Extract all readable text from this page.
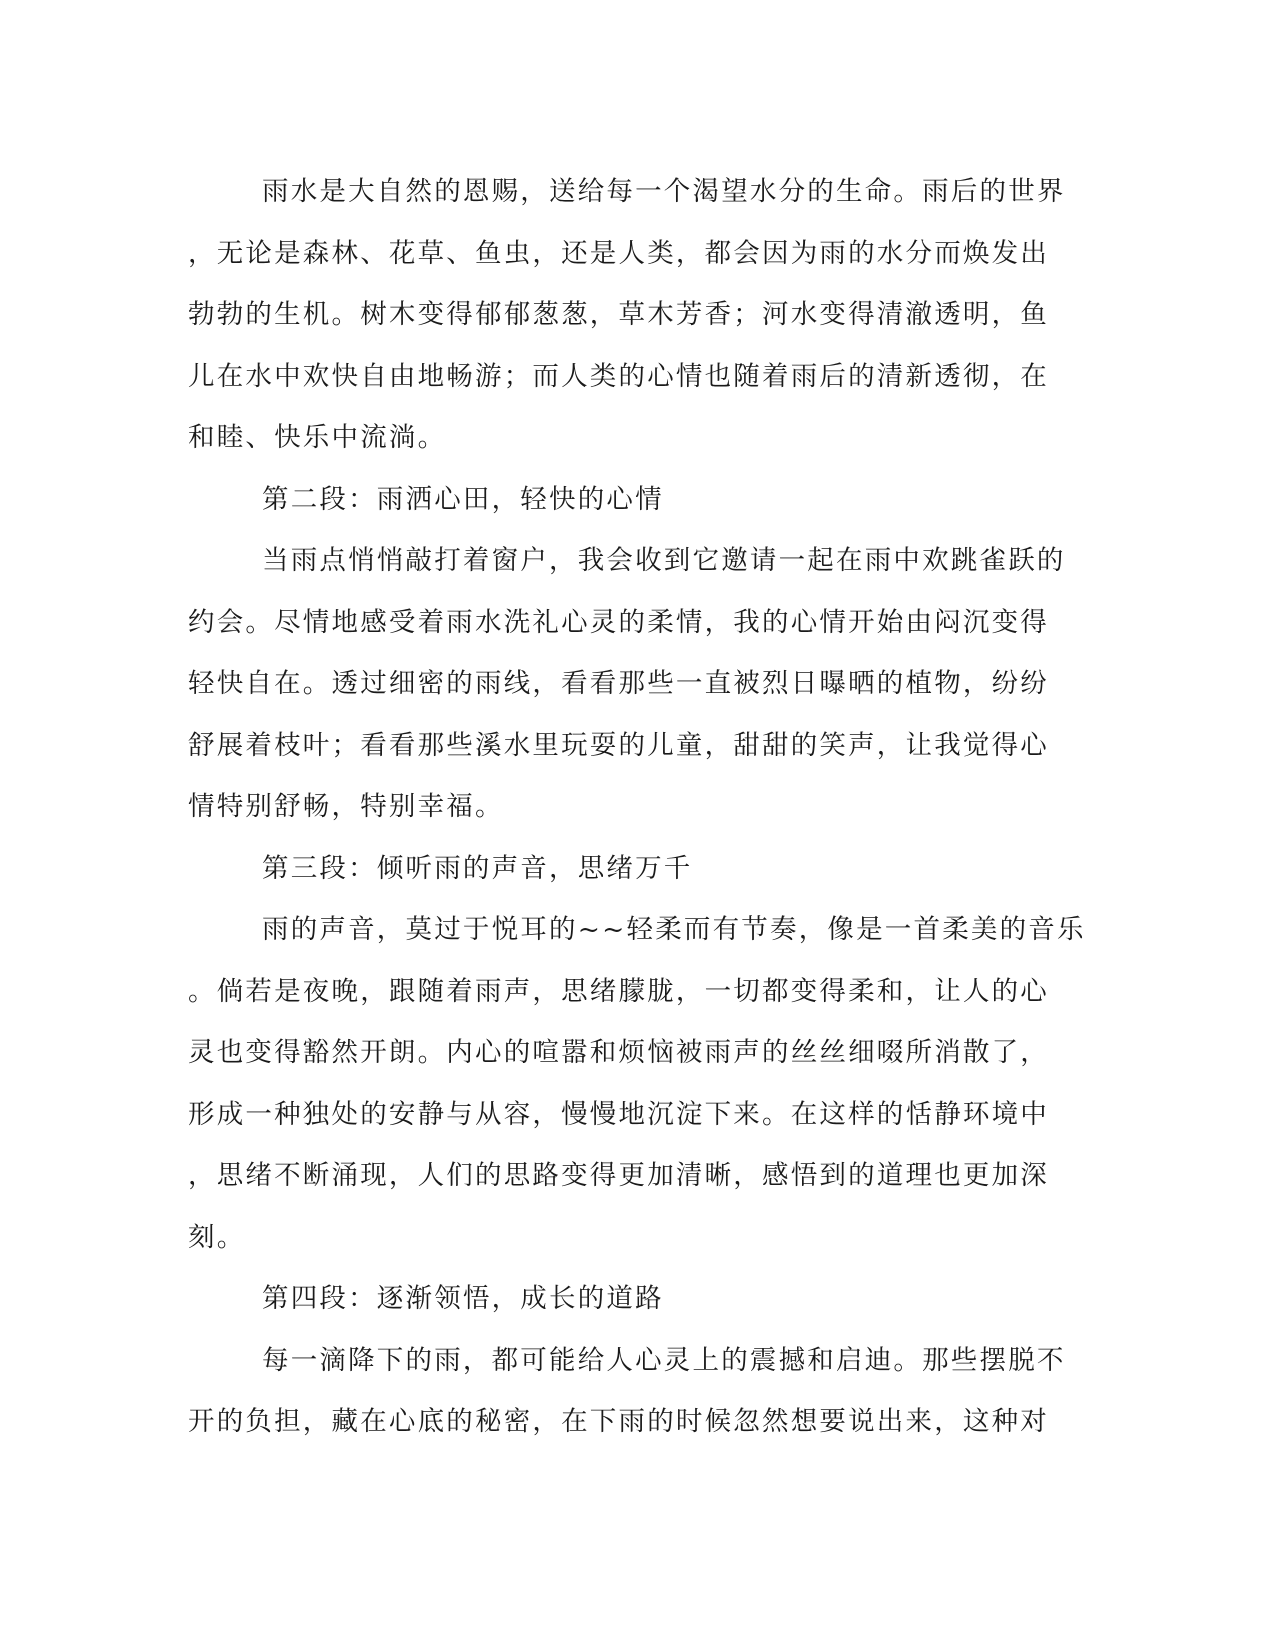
雨水是大自然的恩赐，送给每一个渴望水分的生命。雨后的世界
，无论是森林、花草、鱼虫，还是人类，都会因为雨的水分而焕发出
勃勃的生机。树木变得郁郁葱葱，草木芳香；河水变得清澈透明，鱼
儿在水中欢快自由地畅游；而人类的心情也随着雨后的清新透彻，在
和睦、快乐中流淌。
第二段：雨洒心田，轻快的心情
当雨点悄悄敲打着窗户，我会收到它邀请一起在雨中欢跳雀跃的
约会。尽情地感受着雨水洗礼心灵的柔情，我的心情开始由闷沉变得
轻快自在。透过细密的雨线，看看那些一直被烈日曝晒的植物，纷纷
舒展着枝叶；看看那些溪水里玩耍的儿童，甜甜的笑声，让我觉得心
情特别舒畅，特别幸福。
第三段：倾听雨的声音，思绪万千
雨的声音，莫过于悦耳的~~轻柔而有节奏，像是一首柔美的音乐
。倘若是夜晚，跟随着雨声，思绪朦胧，一切都变得柔和，让人的心
灵也变得豁然开朗。内心的喧嚣和烦恼被雨声的丝丝细啜所消散了，
形成一种独处的安静与从容，慢慢地沉淀下来。在这样的恬静环境中
，思绪不断涌现，人们的思路变得更加清晰，感悟到的道理也更加深
刻。
第四段：逐渐领悟，成长的道路
每一滴降下的雨，都可能给人心灵上的震撼和启迪。那些摆脱不
开的负担，藏在心底的秘密，在下雨的时候忽然想要说出来，这种对
